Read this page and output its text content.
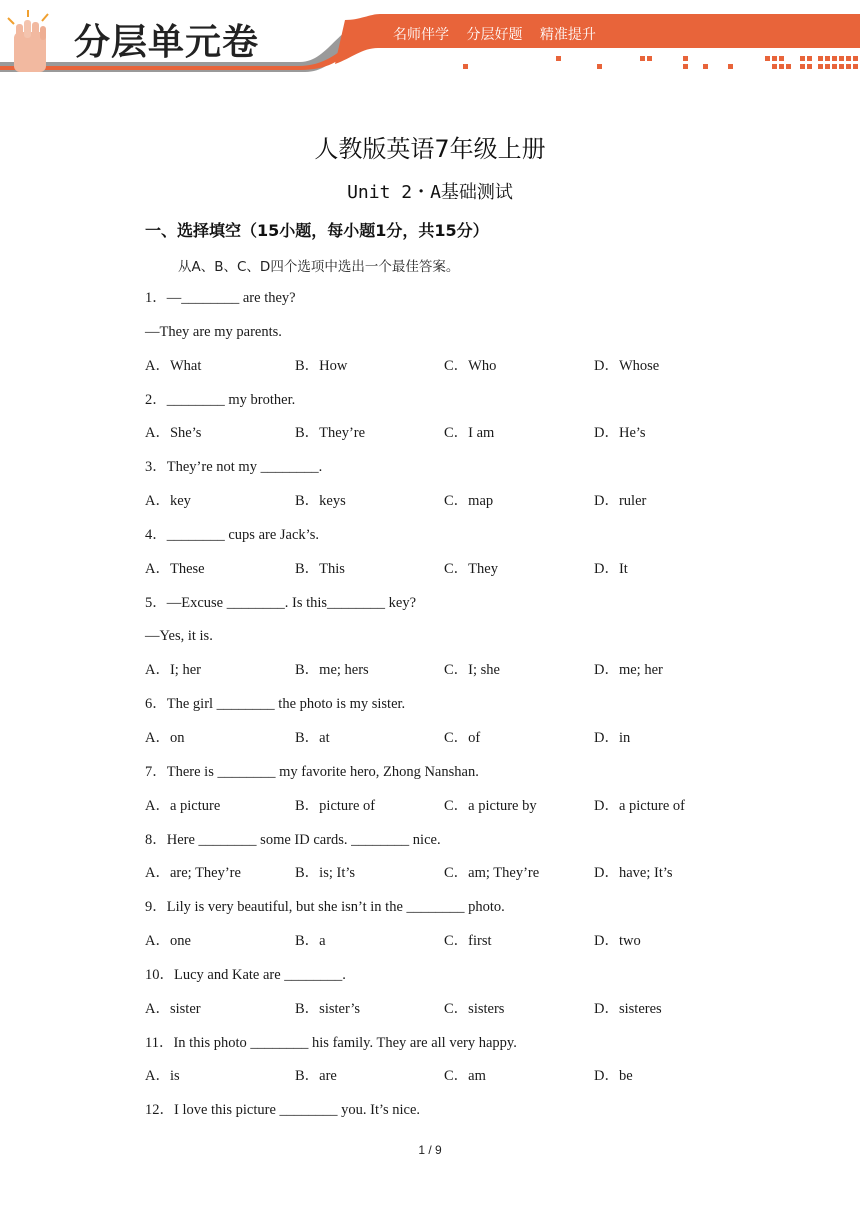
分层单元卷	名师伴学 分层好题 精准提升
人教版英语7年级上册
Unit 2・A基础测试
一、选择填空（15小题，每小题1分，共15分）
从A、B、C、D四个选项中选出一个最佳答案。
1．—________ are they?
—They are my parents.
A．What	B．How	C．Who	D．Whose
2．________ my brother.
A．She’s	B．They’re	C．I am	D．He’s
3．They’re not my ________.
A．key	B．keys	C．map	D．ruler
4．________ cups are Jack’s.
A．These	B．This	C．They	D．It
5．—Excuse ________. Is this________ key?
—Yes, it is.
A．I; her	B．me; hers	C．I; she	D．me; her
6．The girl ________ the photo is my sister.
A．on	B．at	C．of	D．in
7．There is ________ my favorite hero, Zhong Nanshan.
A．a picture	B．picture of	C．a picture by	D．a picture of
8．Here ________ some ID cards. ________ nice.
A．are; They’re	B．is; It’s	C．am; They’re	D．have; It’s
9．Lily is very beautiful, but she isn’t in the ________ photo.
A．one	B．a	C．first	D．two
10．Lucy and Kate are ________.
A．sister	B．sister’s	C．sisters	D．sisteres
11．In this photo ________ his family. They are all very happy.
A．is	B．are	C．am	D．be
12．I love this picture ________ you. It’s nice.
1 / 9
